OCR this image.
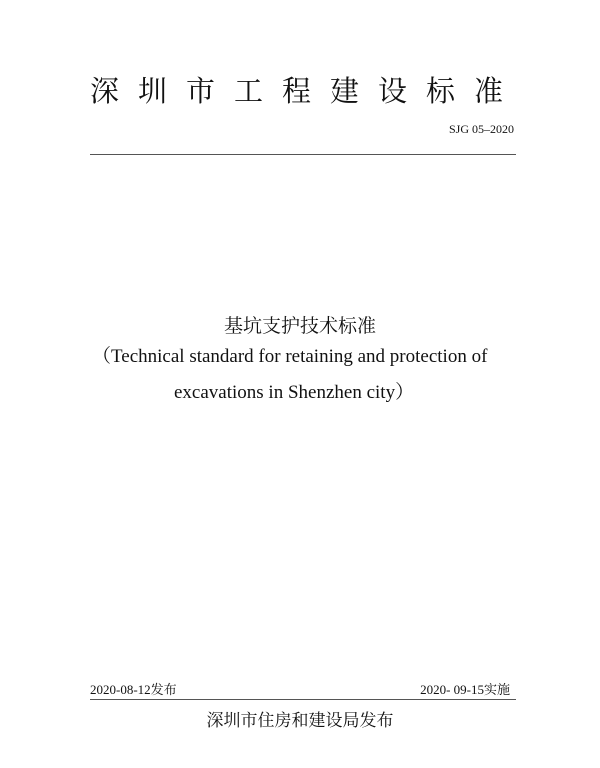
深圳市工程建设标准
SJG 05–2020
基坑支护技术标准
（Technical standard for retaining and protection of
excavations in Shenzhen city）
2020-08-12发布	2020- 09-15实施
深圳市住房和建设局发布
